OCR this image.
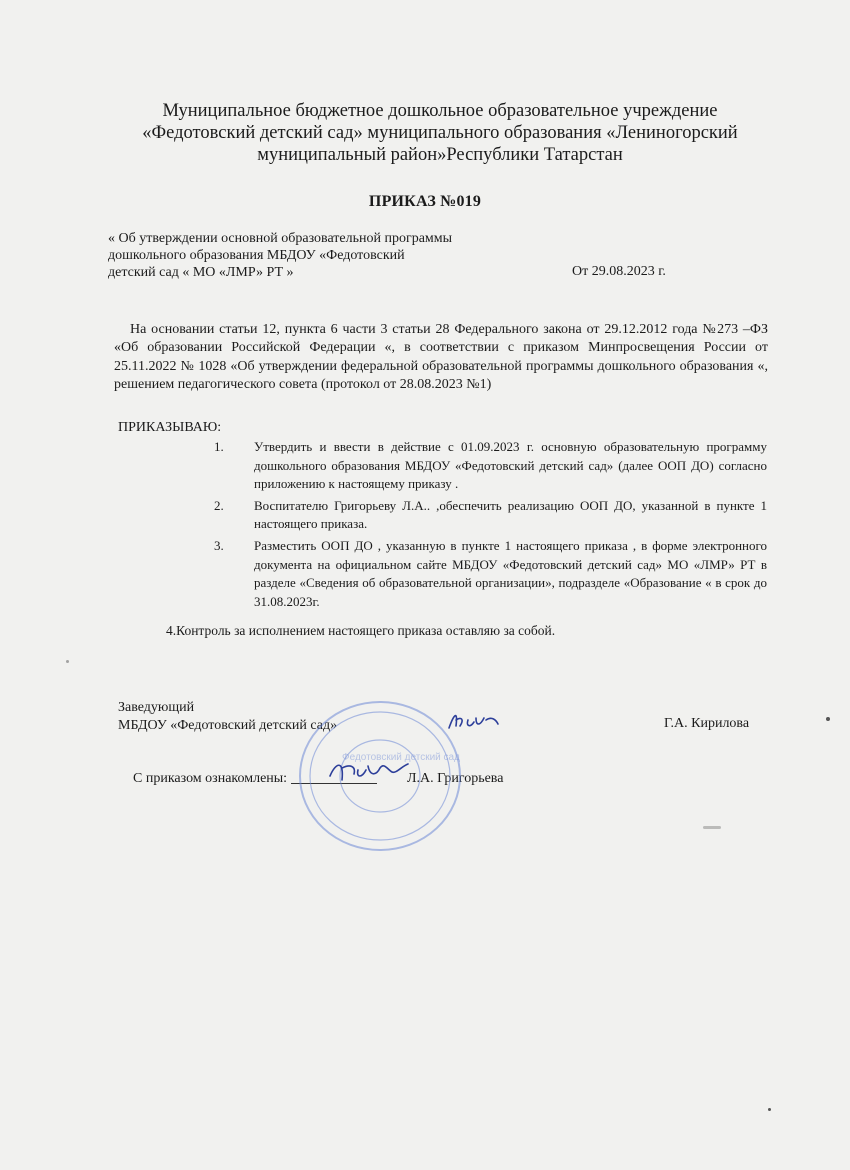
Муниципальное бюджетное дошкольное образовательное учреждение
«Федотовский детский сад» муниципального образования «Лениногорский
муниципальный район»Республики Татарстан
ПРИКАЗ №019
« Об утверждении основной образовательной программы
дошкольного образования МБДОУ «Федотовский
детский сад « МО «ЛМР» РТ »	От 29.08.2023 г.
На основании статьи 12, пункта 6 части 3 статьи 28 Федерального закона от 29.12.2012 года №273 –ФЗ «Об образовании Российской Федерации «, в соответствии с приказом Минпросвещения России от 25.11.2022 № 1028 «Об утверждении федеральной образовательной программы дошкольного образования «, решением педагогического совета (протокол от 28.08.2023 №1)
ПРИКАЗЫВАЮ:
1. Утвердить и ввести в действие с 01.09.2023 г. основную образовательную программу дошкольного образования МБДОУ «Федотовский детский сад» (далее ООП ДО) согласно приложению к настоящему приказу .
2. Воспитателю Григорьеву Л.А.. ,обеспечить реализацию ООП ДО, указанной в пункте 1 настоящего приказа.
3. Разместить ООП ДО , указанную в пункте 1 настоящего приказа , в форме электронного документа на официальном сайте МБДОУ «Федотовский детский сад» МО «ЛМР» РТ в разделе «Сведения об образовательной организации», подразделе «Образование « в срок до 31.08.2023г.
4.Контроль за исполнением настоящего приказа оставляю за собой.
Заведующий
МБДОУ «Федотовский детский сад»	Г.А. Кирилова
С приказом ознакомлены:	Л.А. Григорьева
Федотовский детский сад
